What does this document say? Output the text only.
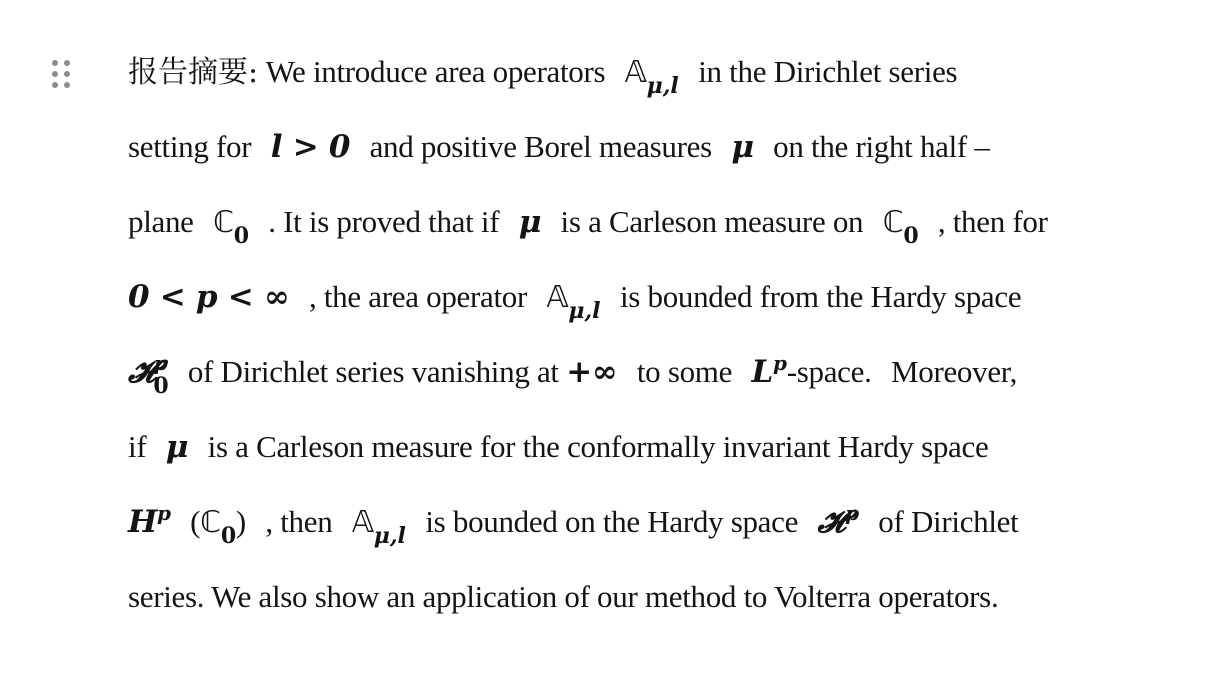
报告摘要: We introduce area operators 𝔸$_{\mu,l}$ in the Dirichlet series
setting for l > 0 and positive Borel measures μ on the right half –
plane ℂ$_0$ . It is proved that if μ is a Carleson measure on ℂ$_0$ , then for
0 < p < ∞ , the area operator 𝔸$_{\mu,l}$ is bounded from the Hardy space
𝓗$^p_0$ of Dirichlet series vanishing at +∞ to some $L^p$-space. Moreover,
if μ is a Carleson measure for the conformally invariant Hardy space
$H^p$ (ℂ$_0$) , then 𝔸$_{\mu,l}$ is bounded on the Hardy space 𝓗$^p$ of Dirichlet
series. We also show an application of our method to Volterra operators.
